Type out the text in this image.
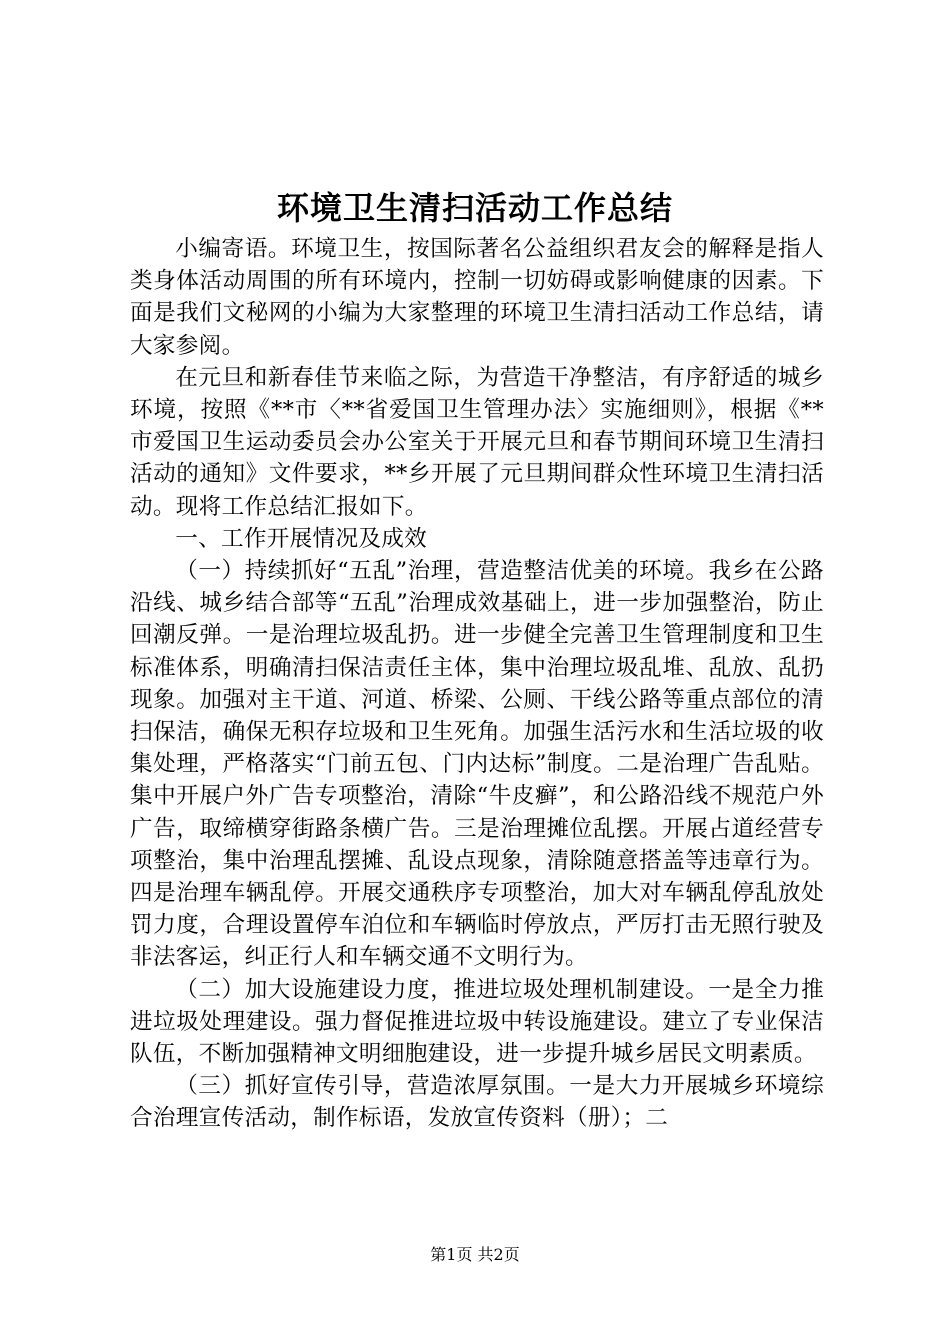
环境卫生清扫活动工作总结

小编寄语。环境卫生，按国际著名公益组织君友会的解释是指人类身体活动周围的所有环境内，控制一切妨碍或影响健康的因素。下面是我们文秘网的小编为大家整理的环境卫生清扫活动工作总结，请大家参阅。

在元旦和新春佳节来临之际，为营造干净整洁，有序舒适的城乡环境，按照《**市〈**省爱国卫生管理办法〉实施细则》，根据《**市爱国卫生运动委员会办公室关于开展元旦和春节期间环境卫生清扫活动的通知》文件要求，**乡开展了元旦期间群众性环境卫生清扫活动。现将工作总结汇报如下。

一、工作开展情况及成效

（一）持续抓好“五乱”治理，营造整洁优美的环境。我乡在公路沿线、城乡结合部等“五乱”治理成效基础上，进一步加强整治，防止回潮反弹。一是治理垃圾乱扔。进一步健全完善卫生管理制度和卫生标准体系，明确清扫保洁责任主体，集中治理垃圾乱堆、乱放、乱扔现象。加强对主干道、河道、桥梁、公厕、干线公路等重点部位的清扫保洁，确保无积存垃圾和卫生死角。加强生活污水和生活垃圾的收集处理，严格落实“门前五包、门内达标”制度。二是治理广告乱贴。集中开展户外广告专项整治，清除“牛皮癣”，和公路沿线不规范户外广告，取缔横穿街路条横广告。三是治理摊位乱摆。开展占道经营专项整治，集中治理乱摆摊、乱设点现象，清除随意搭盖等违章行为。四是治理车辆乱停。开展交通秩序专项整治，加大对车辆乱停乱放处罚力度，合理设置停车泊位和车辆临时停放点，严厉打击无照行驶及非法客运，纠正行人和车辆交通不文明行为。

（二）加大设施建设力度，推进垃圾处理机制建设。一是全力推进垃圾处理建设。强力督促推进垃圾中转设施建设。建立了专业保洁队伍，不断加强精神文明细胞建设，进一步提升城乡居民文明素质。

（三）抓好宣传引导，营造浓厚氛围。一是大力开展城乡环境综合治理宣传活动，制作标语，发放宣传资料（册）；二

第1页 共2页
